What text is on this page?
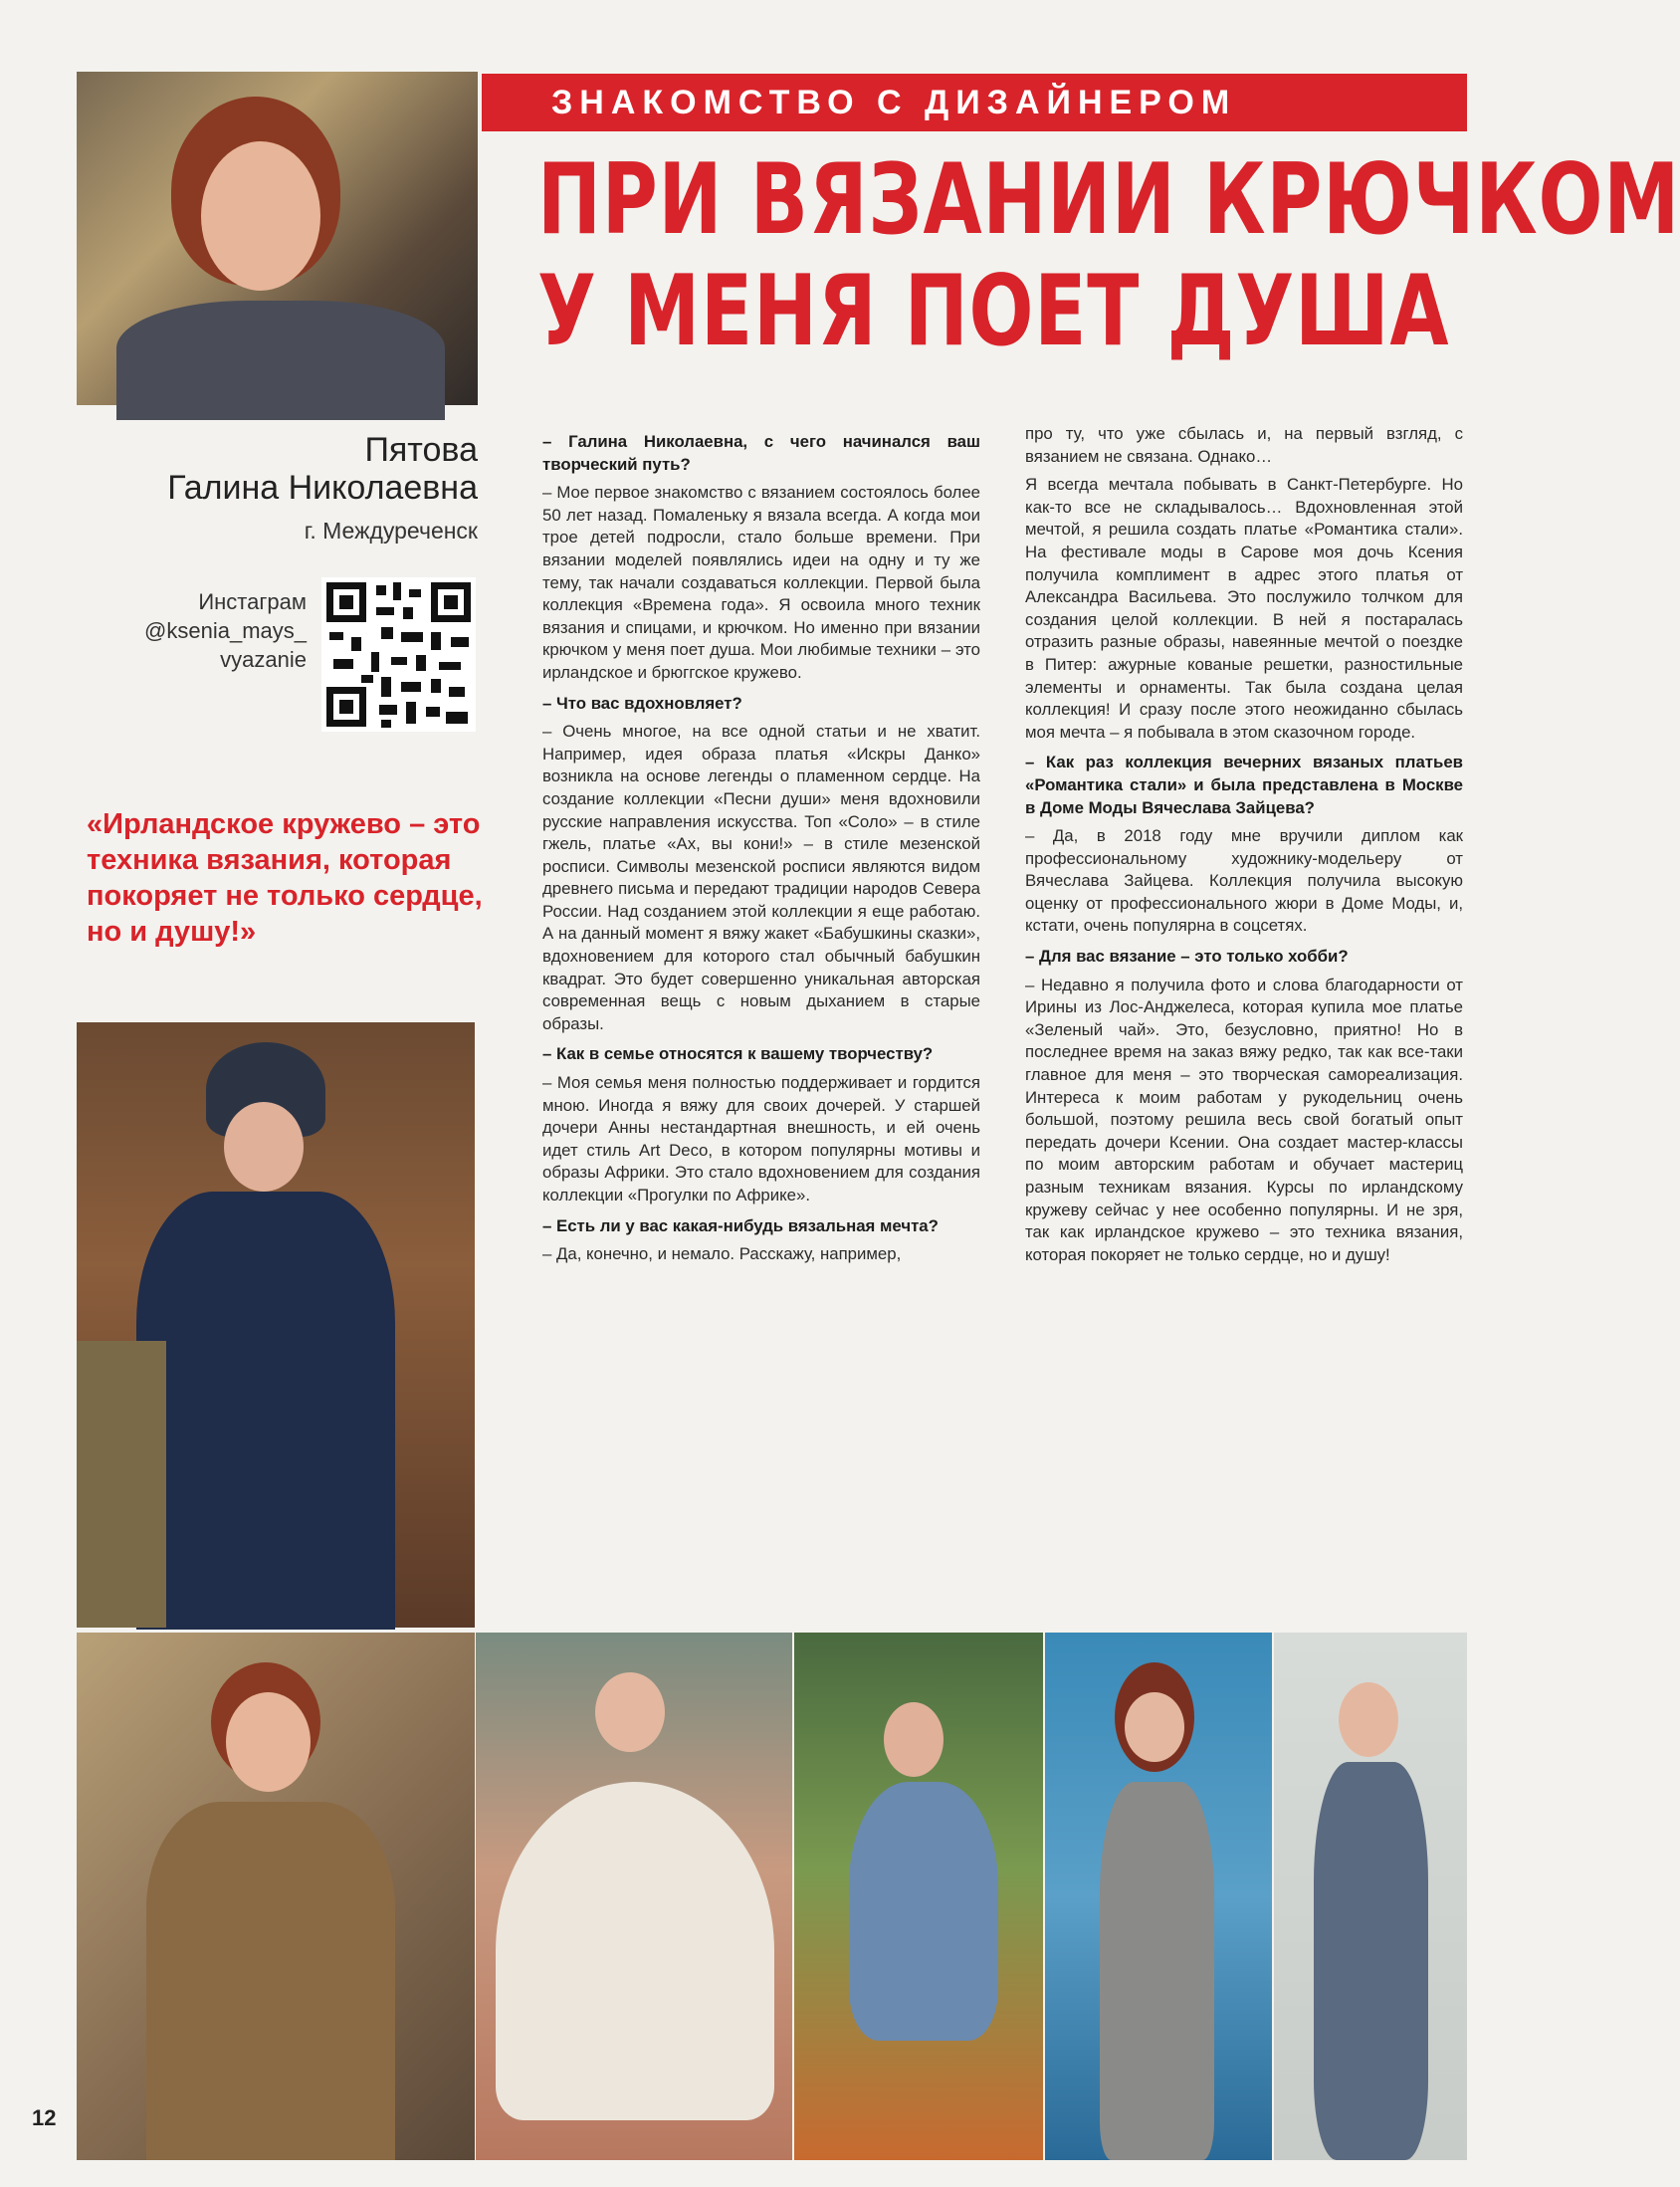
ЗНАКОМСТВО С ДИЗАЙНЕРОМ
ПРИ ВЯЗАНИИ КРЮЧКОМ
У МЕНЯ ПОЕТ ДУША
Пятова
Галина Николаевна
г. Междуреченск
Инстаграм
@ksenia_mays_
vyazanie
«Ирландское кружево – это техника вязания, которая покоряет не только сердце, но и душу!»

– Галина Николаевна, с чего начинался ваш творческий путь?

– Мое первое знакомство с вязанием состоялось более 50 лет назад. Помаленьку я вязала всегда. А когда мои трое детей подросли, стало больше времени. При вязании моделей появлялись идеи на одну и ту же тему, так начали создаваться коллекции. Первой была коллекция «Времена года». Я освоила много техник вязания и спицами, и крючком. Но именно при вязании крючком у меня поет душа. Мои любимые техники – это ирландское и брюггское кружево.

– Что вас вдохновляет?

– Очень многое, на все одной статьи и не хватит. Например, идея образа платья «Искры Данко» возникла на основе легенды о пламенном сердце. На создание коллекции «Песни души» меня вдохновили русские направления искусства. Топ «Соло» – в стиле гжель, платье «Ах, вы кони!» – в стиле мезенской росписи. Символы мезенской росписи являются видом древнего письма и передают традиции народов Севера России. Над созданием этой коллекции я еще работаю. А на данный момент я вяжу жакет «Бабушкины сказки», вдохновением для которого стал обычный бабушкин квадрат. Это будет совершенно уникальная авторская современная вещь с новым дыханием в старые образы.

– Как в семье относятся к вашему творчеству?

– Моя семья меня полностью поддерживает и гордится мною. Иногда я вяжу для своих дочерей. У старшей дочери Анны нестандартная внешность, и ей очень идет стиль Art Deco, в котором популярны мотивы и образы Африки. Это стало вдохновением для создания коллекции «Прогулки по Африке».

– Есть ли у вас какая-нибудь вязальная мечта?

– Да, конечно, и немало. Расскажу, например,

про ту, что уже сбылась и, на первый взгляд, с вязанием не связана. Однако…

Я всегда мечтала побывать в Санкт-Петербурге. Но как-то все не складывалось… Вдохновленная этой мечтой, я решила создать платье «Романтика стали». На фестивале моды в Сарове моя дочь Ксения получила комплимент в адрес этого платья от Александра Васильева. Это послужило толчком для создания целой коллекции. В ней я постаралась отразить разные образы, навеянные мечтой о поездке в Питер: ажурные кованые решетки, разностильные элементы и орнаменты. Так была создана целая коллекция! И сразу после этого неожиданно сбылась моя мечта – я побывала в этом сказочном городе.

– Как раз коллекция вечерних вязаных платьев «Романтика стали» и была представлена в Москве в Доме Моды Вячеслава Зайцева?

– Да, в 2018 году мне вручили диплом как профессиональному художнику-модельеру от Вячеслава Зайцева. Коллекция получила высокую оценку от профессионального жюри в Доме Моды, и, кстати, очень популярна в соцсетях.

– Для вас вязание – это только хобби?

– Недавно я получила фото и слова благодарности от Ирины из Лос-Анджелеса, которая купила мое платье «Зеленый чай». Это, безусловно, приятно! Но в последнее время на заказ вяжу редко, так как все-таки главное для меня – это творческая самореализация. Интереса к моим работам у рукодельниц очень большой, поэтому решила весь свой богатый опыт передать дочери Ксении. Она создает мастер-классы по моим авторским работам и обучает мастериц разным техникам вязания. Курсы по ирландскому кружеву сейчас у нее особенно популярны. И не зря, так как ирландское кружево – это техника вязания, которая покоряет не только сердце, но и душу!

12
